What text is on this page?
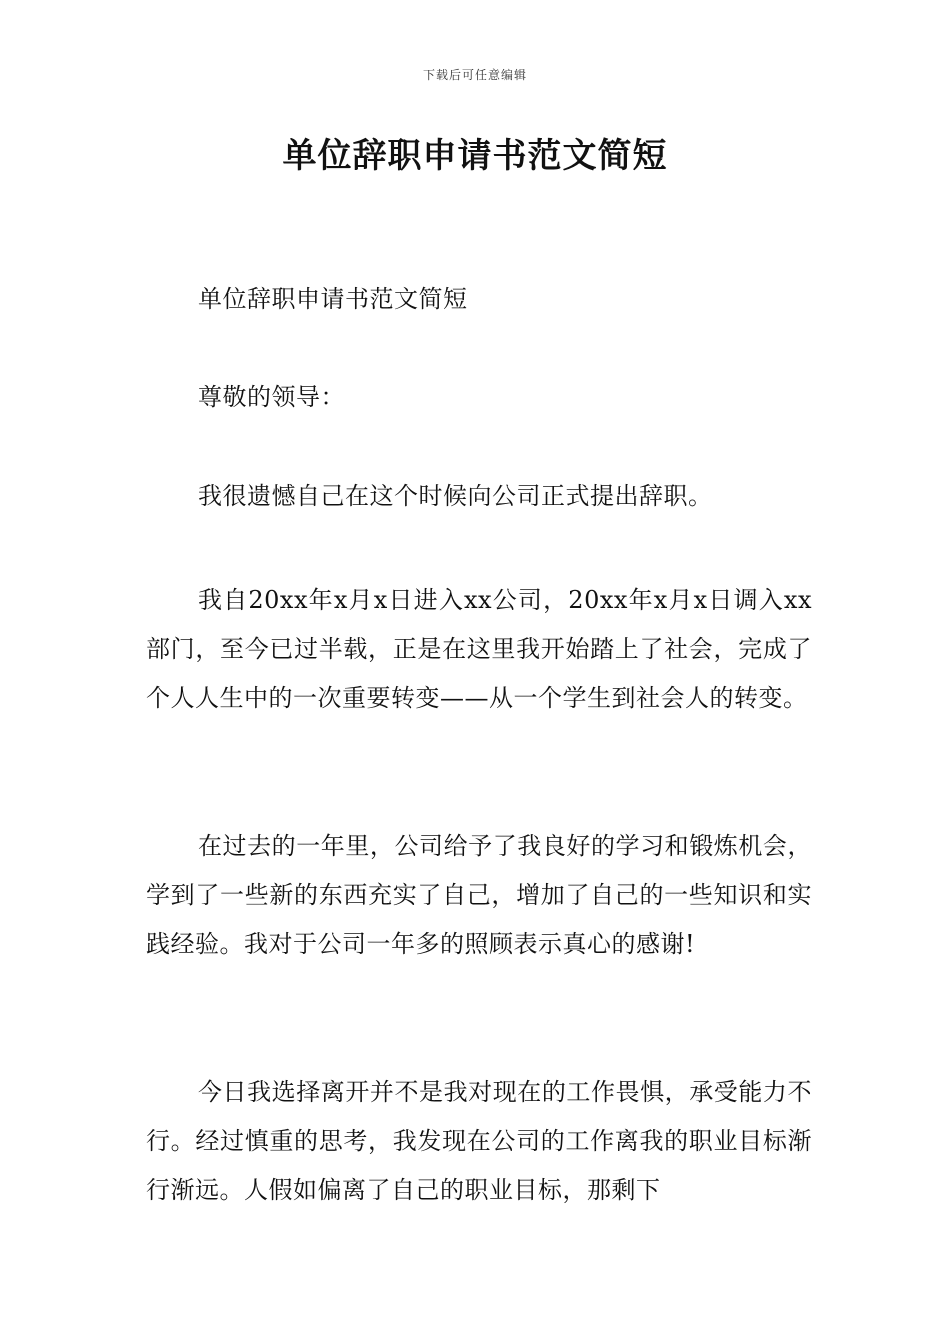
下载后可任意编辑
单位辞职申请书范文简短

单位辞职申请书范文简短

尊敬的领导：

我很遗憾自己在这个时候向公司正式提出辞职。

我自20xx年x月x日进入xx公司，20xx年x月x日调入xx部门，至今已过半载，正是在这里我开始踏上了社会，完成了个人人生中的一次重要转变——从一个学生到社会人的转变。

在过去的一年里，公司给予了我良好的学习和锻炼机会，学到了一些新的东西充实了自己，增加了自己的一些知识和实践经验。我对于公司一年多的照顾表示真心的感谢!

今日我选择离开并不是我对现在的工作畏惧，承受能力不行。经过慎重的思考，我发现在公司的工作离我的职业目标渐行渐远。人假如偏离了自己的职业目标，那剩下
